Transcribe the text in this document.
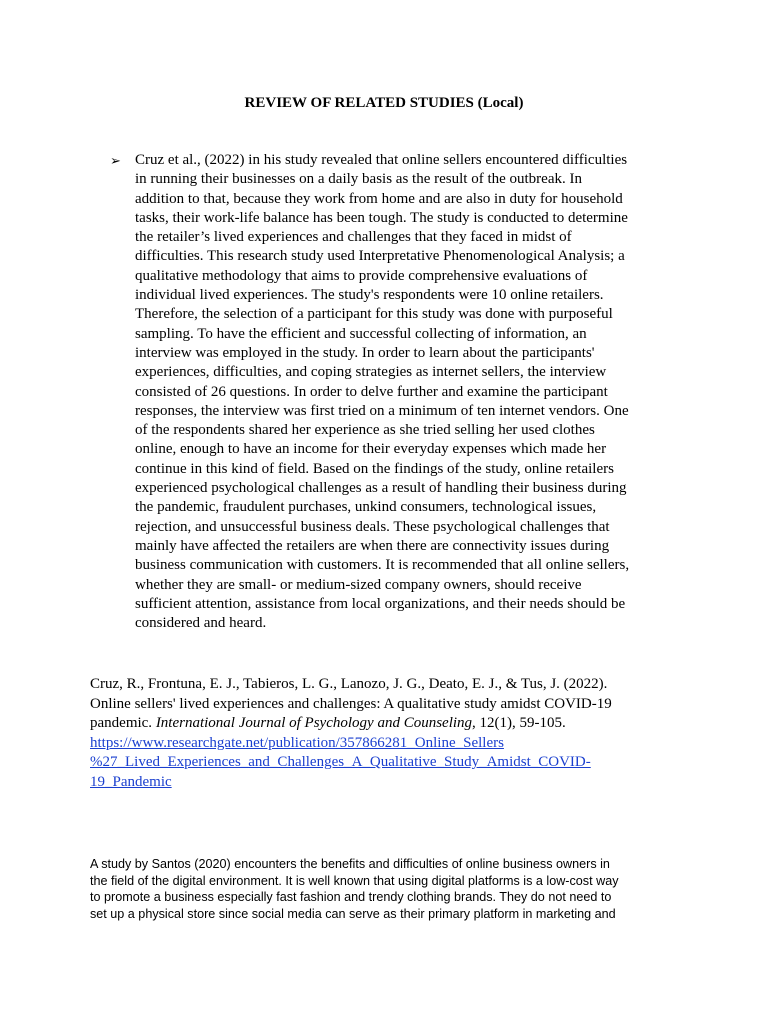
REVIEW OF RELATED STUDIES (Local)
➢ Cruz et al., (2022) in his study revealed that online sellers encountered difficulties
in running their businesses on a daily basis as the result of the outbreak. In
addition to that, because they work from home and are also in duty for household
tasks, their work-life balance has been tough. The study is conducted to determine
the retailer’s lived experiences and challenges that they faced in midst of
difficulties. This research study used Interpretative Phenomenological Analysis; a
qualitative methodology that aims to provide comprehensive evaluations of
individual lived experiences. The study's respondents were 10 online retailers.
Therefore, the selection of a participant for this study was done with purposeful
sampling. To have the efficient and successful collecting of information, an
interview was employed in the study. In order to learn about the participants'
experiences, difficulties, and coping strategies as internet sellers, the interview
consisted of 26 questions. In order to delve further and examine the participant
responses, the interview was first tried on a minimum of ten internet vendors. One
of the respondents shared her experience as she tried selling her used clothes
online, enough to have an income for their everyday expenses which made her
continue in this kind of field. Based on the findings of the study, online retailers
experienced psychological challenges as a result of handling their business during
the pandemic, fraudulent purchases, unkind consumers, technological issues,
rejection, and unsuccessful business deals. These psychological challenges that
mainly have affected the retailers are when there are connectivity issues during
business communication with customers. It is recommended that all online sellers,
whether they are small- or medium-sized company owners, should receive
sufficient attention, assistance from local organizations, and their needs should be
considered and heard.
Cruz, R., Frontuna, E. J., Tabieros, L. G., Lanozo, J. G., Deato, E. J., & Tus, J. (2022).
Online sellers' lived experiences and challenges: A qualitative study amidst COVID-19
pandemic. International Journal of Psychology and Counseling, 12(1), 59-105.
https://www.researchgate.net/publication/357866281_Online_Sellers
%27_Lived_Experiences_and_Challenges_A_Qualitative_Study_Amidst_COVID-
19_Pandemic
A study by Santos (2020) encounters the benefits and difficulties of online business owners in
the field of the digital environment. It is well known that using digital platforms is a low-cost way
to promote a business especially fast fashion and trendy clothing brands. They do not need to
set up a physical store since social media can serve as their primary platform in marketing and
